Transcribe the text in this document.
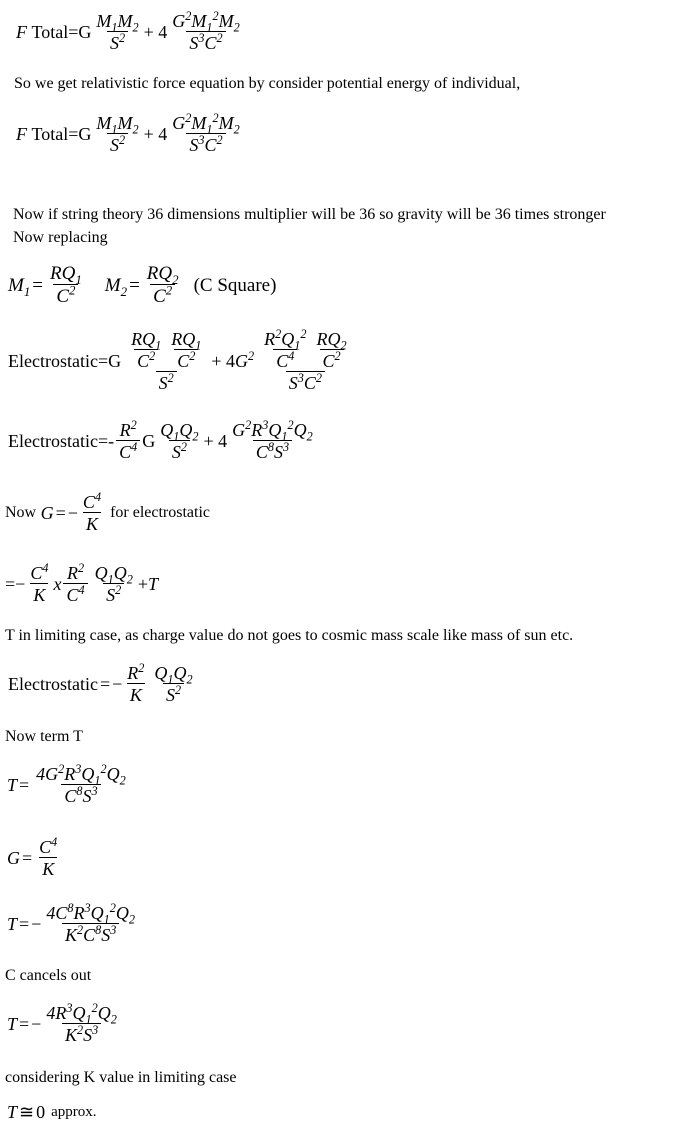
F
Total=G $\frac{M_1M_2}{S^2} + 4 \frac{G^2M_1^2M_2}{S^3C^2}$
So we get relativistic force equation by consider potential energy of individual,
F
Total=G $\frac{M_1M_2}{S^2} + 4 \frac{G^2M_1^2M_2}{S^3C^2}$
Now if string theory 36 dimensions multiplier will be 36 so gravity will be 36 times stronger
Now replacing
$M_1 = \frac{RQ_1}{C^2} M_2 = \frac{RQ_2}{C^2} (C$ Square)
Electrostatic=G $\frac{\frac{RQ_1}{C^2} \frac{RQ_1}{C^2}}{S^2} + 4$ $G^2 \frac{\frac{R^2Q_1^2}{C^4} \frac{RQ_2}{C^2}}{S^3C^2}$
Electrostatic=- $\frac{R^2}{C^4}$ G $\frac{Q_1Q_2}{S^2} + 4 \frac{G^2R^3Q_1^2Q_2}{C^8S^3}$
Now
G = − $\frac{C^4}{K}$ for electrostatic
=− $\frac{C^4}{K}$ x $\frac{R^2}{C^4} \frac{Q_1Q_2}{S^2} + T$
T in limiting case, as charge value do not goes to cosmic mass scale like mass of sun etc.
Electrostatic = − $\frac{R^2}{K} \frac{Q_1Q_2}{S^2}$
Now term T
$T = \frac{4G^2R^3Q_1^2Q_2}{C^8S^3}$
$G = \frac{C^4}{K}$
T = − $\frac{4C^8R^3Q_1^2Q_2}{K^2C^8S^3}$
C cancels out
T = − $\frac{4R^3Q_1^2Q_2}{K^2S^3}$
considering K value in limiting case
T ≅ 0 approx.
